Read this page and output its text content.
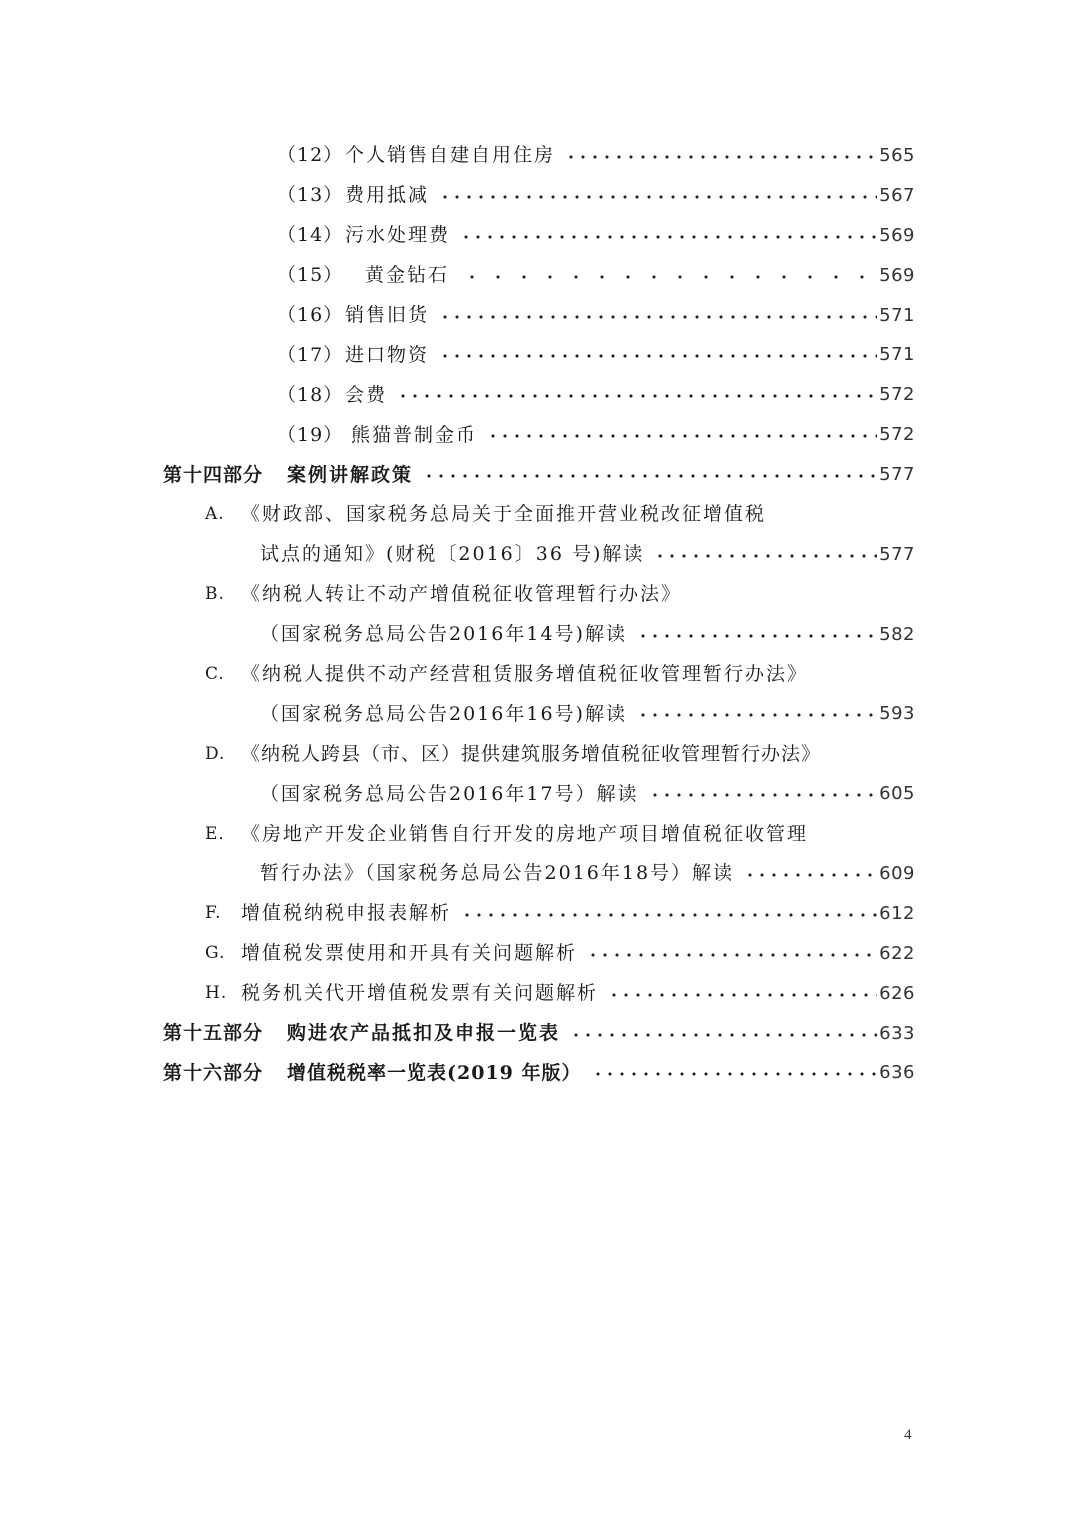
（12） 个人销售自建自用住房	565
（13） 费用抵减	567
（14） 污水处理费	569
（15） 黄金钻石	569
（16） 销售旧货	571
（17） 进口物资	571
（18） 会费	572
（19） 熊猫普制金币	572
第十四部分 案例讲解政策	577
A. 《财政部、国家税务总局关于全面推开营业税改征增值税
试点的通知》(财税〔2016〕36 号)解读	577
B. 《纳税人转让不动产增值税征收管理暂行办法》
（国家税务总局公告2016年14号)解读	582
C. 《纳税人提供不动产经营租赁服务增值税征收管理暂行办法》
（国家税务总局公告2016年16号)解读	593
D. 《纳税人跨县（市、区）提供建筑服务增值税征收管理暂行办法》
（国家税务总局公告2016年17号）解读	605
E． 《房地产开发企业销售自行开发的房地产项目增值税征收管理
暂行办法》（国家税务总局公告2016年18号）解读	609
F. 增值税纳税申报表解析	612
G. 增值税发票使用和开具有关问题解析	622
H. 税务机关代开增值税发票有关问题解析	626
第十五部分 购进农产品抵扣及申报一览表	633
第十六部分 增值税税率一览表(2019 年版）	636
4
